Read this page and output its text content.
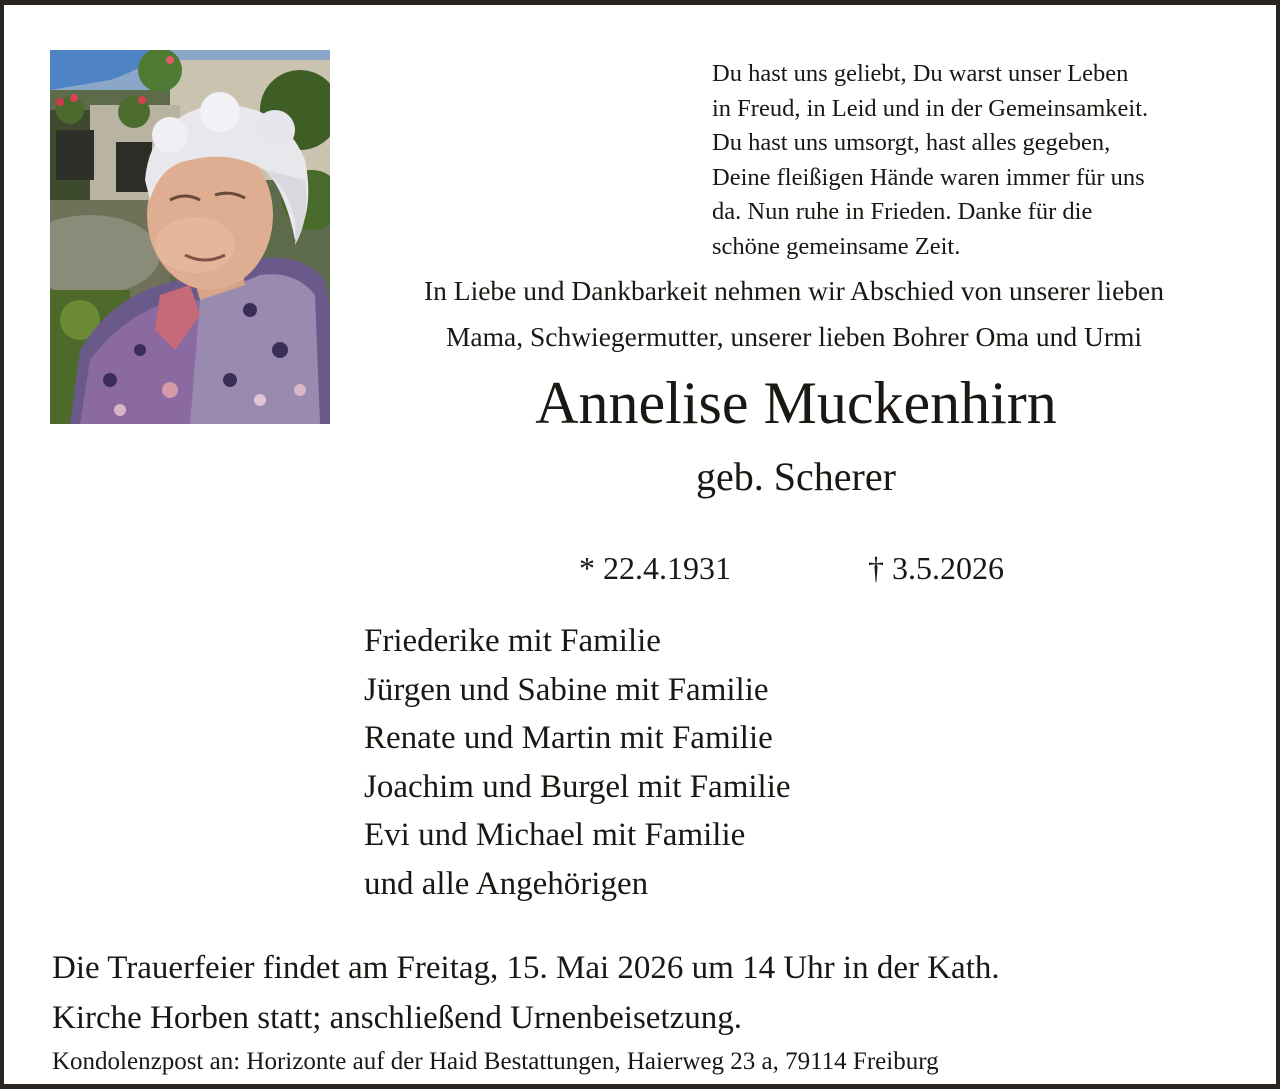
Du hast uns geliebt, Du warst unser Leben
in Freud, in Leid und in der Gemeinsamkeit.
Du hast uns umsorgt, hast alles gegeben,
Deine fleißigen Hände waren immer für uns
da. Nun ruhe in Frieden. Danke für die
schöne gemeinsame Zeit.
In Liebe und Dankbarkeit nehmen wir Abschied von unserer lieben
Mama, Schwiegermutter, unserer lieben Bohrer Oma und Urmi
Annelise Muckenhirn
geb. Scherer
* 22.4.1931	† 3.5.2026
Friederike mit Familie
Jürgen und Sabine mit Familie
Renate und Martin mit Familie
Joachim und Burgel mit Familie
Evi und Michael mit Familie
und alle Angehörigen
Die Trauerfeier findet am Freitag, 15. Mai 2026 um 14 Uhr in der Kath.
Kirche Horben statt; anschließend Urnenbeisetzung.
Kondolenzpost an: Horizonte auf der Haid Bestattungen, Haierweg 23 a, 79114 Freiburg
